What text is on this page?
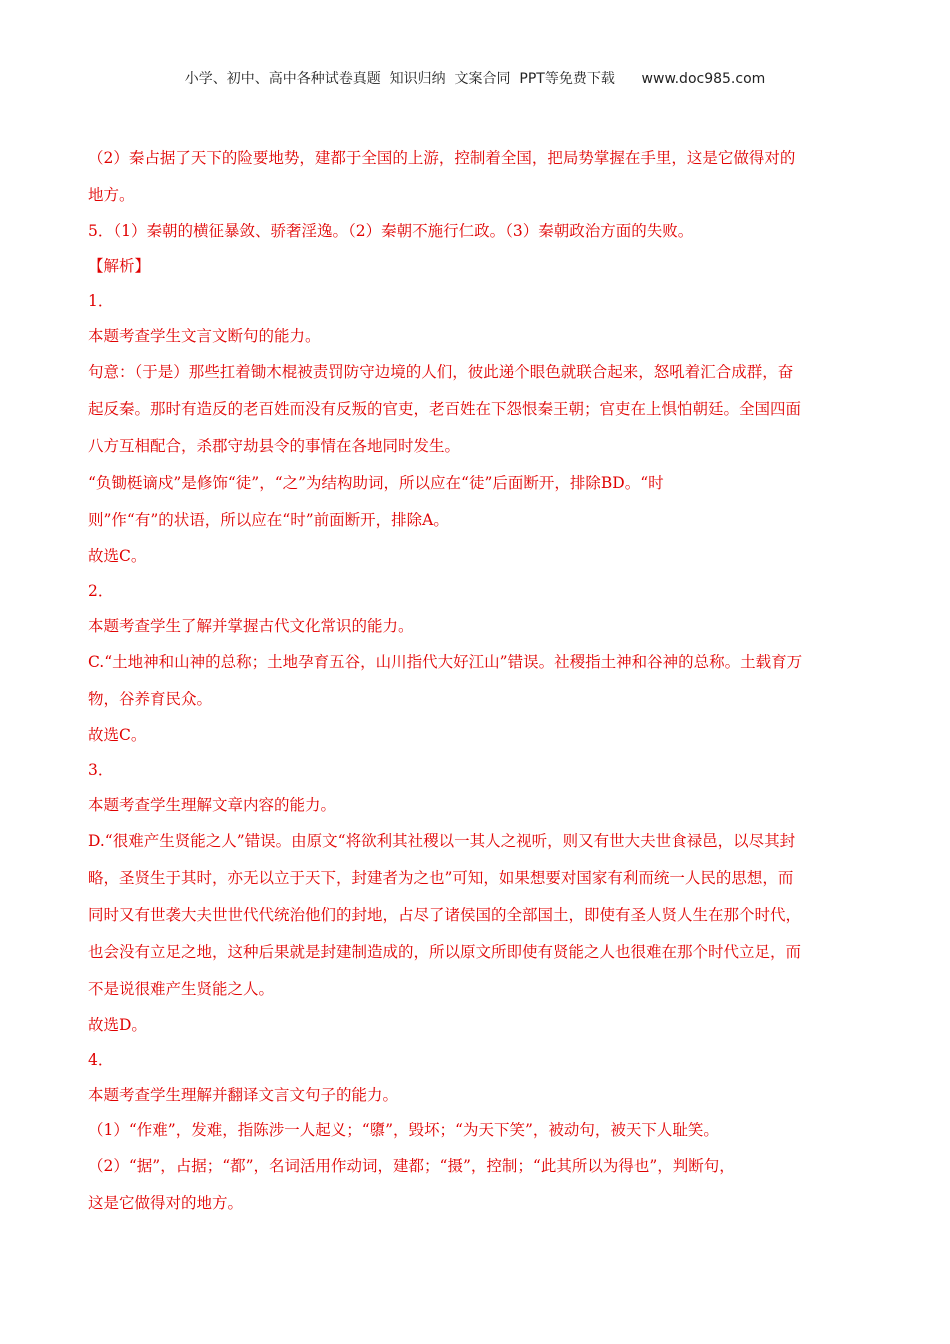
小学、初中、高中各种试卷真题  知识归纳  文案合同  PPT等免费下载      www.doc985.com
（2）秦占据了天下的险要地势，建都于全国的上游，控制着全国，把局势掌握在手里，这是它做得对的
地方。
5．（1）秦朝的横征暴敛、骄奢淫逸。（2）秦朝不施行仁政。（3）秦朝政治方面的失败。
【解析】
1．
本题考查学生文言文断句的能力。
句意：（于是）那些扛着锄木棍被责罚防守边境的人们，彼此递个眼色就联合起来，怒吼着汇合成群，奋
起反秦。那时有造反的老百姓而没有反叛的官吏，老百姓在下怨恨秦王朝；官吏在上惧怕朝廷。全国四面
八方互相配合，杀郡守劫县令的事情在各地同时发生。
“负锄梃谪戍”是修饰“徒”，“之”为结构助词，所以应在“徒”后面断开，排除BD。“时
则”作“有”的状语，所以应在“时”前面断开，排除A。
故选C。
2．
本题考查学生了解并掌握古代文化常识的能力。
C.“土地神和山神的总称；土地孕育五谷，山川指代大好江山”错误。社稷指土神和谷神的总称。土载育万
物，谷养育民众。
故选C。
3．
本题考查学生理解文章内容的能力。
D.“很难产生贤能之人”错误。由原文“将欲利其社稷以一其人之视听，则又有世大夫世食禄邑，以尽其封
略，圣贤生于其时，亦无以立于天下，封建者为之也”可知，如果想要对国家有利而统一人民的思想，而
同时又有世袭大夫世世代代统治他们的封地，占尽了诸侯国的全部国土，即使有圣人贤人生在那个时代，
也会没有立足之地，这种后果就是封建制造成的，所以原文所即使有贤能之人也很难在那个时代立足，而
不是说很难产生贤能之人。
故选D。
4．
本题考查学生理解并翻译文言文句子的能力。
（1）“作难”，发难，指陈涉一人起义；“隳”，毁坏；“为天下笑”，被动句，被天下人耻笑。
（2）“据”，占据；“都”，名词活用作动词，建都；“摄”，控制；“此其所以为得也”，判断句，
这是它做得对的地方。
